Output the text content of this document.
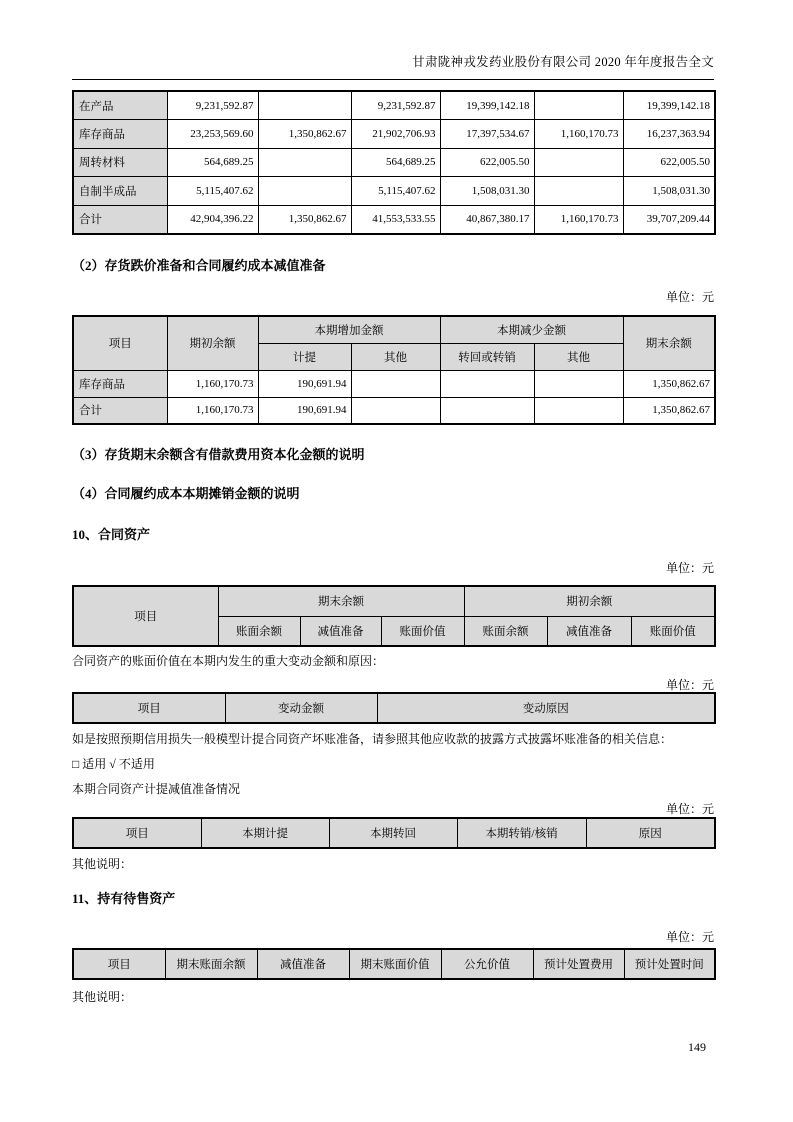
甘肃陇神戎发药业股份有限公司 2020 年年度报告全文
在产品	9,231,592.87		9,231,592.87	19,399,142.18		19,399,142.18
库存商品	23,253,569.60	1,350,862.67	21,902,706.93	17,397,534.67	1,160,170.73	16,237,363.94
周转材料	564,689.25		564,689.25	622,005.50		622,005.50
自制半成品	5,115,407.62		5,115,407.62	1,508,031.30		1,508,031.30
合计	42,904,396.22	1,350,862.67	41,553,533.55	40,867,380.17	1,160,170.73	39,707,209.44
（2）存货跌价准备和合同履约成本减值准备
单位：元
项目	期初余额	本期增加金额		本期减少金额		期末余额
		计提	其他	转回或转销	其他	
库存商品	1,160,170.73	190,691.94				1,350,862.67
合计	1,160,170.73	190,691.94				1,350,862.67
（3）存货期末余额含有借款费用资本化金额的说明
（4）合同履约成本本期摊销金额的说明
10、合同资产
单位：元
项目	期末余额			期初余额		
	账面余额	减值准备	账面价值	账面余额	减值准备	账面价值
合同资产的账面价值在本期内发生的重大变动金额和原因：
单位：元
项目	变动金额	变动原因
如是按照预期信用损失一般模型计提合同资产坏账准备，请参照其他应收款的披露方式披露坏账准备的相关信息：
□ 适用 √ 不适用
本期合同资产计提减值准备情况
单位：元
项目	本期计提	本期转回	本期转销/核销	原因
其他说明：
11、持有待售资产
单位：元
项目	期末账面余额	减值准备	期末账面价值	公允价值	预计处置费用	预计处置时间
其他说明：
149
